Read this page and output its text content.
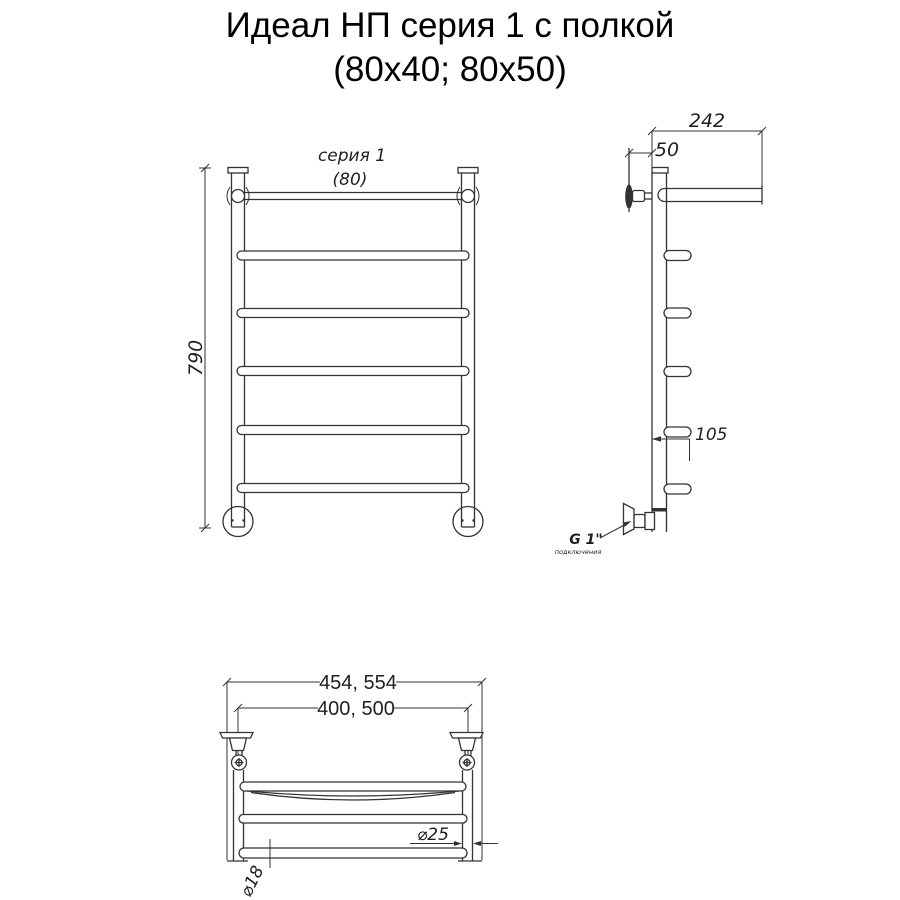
Идеал НП серия 1 с полкой
(80x40; 80x50)
790
серия 1
(80)
242
50
105
G 1"
подключения
454, 554
400, 500
⌀25
⌀18
